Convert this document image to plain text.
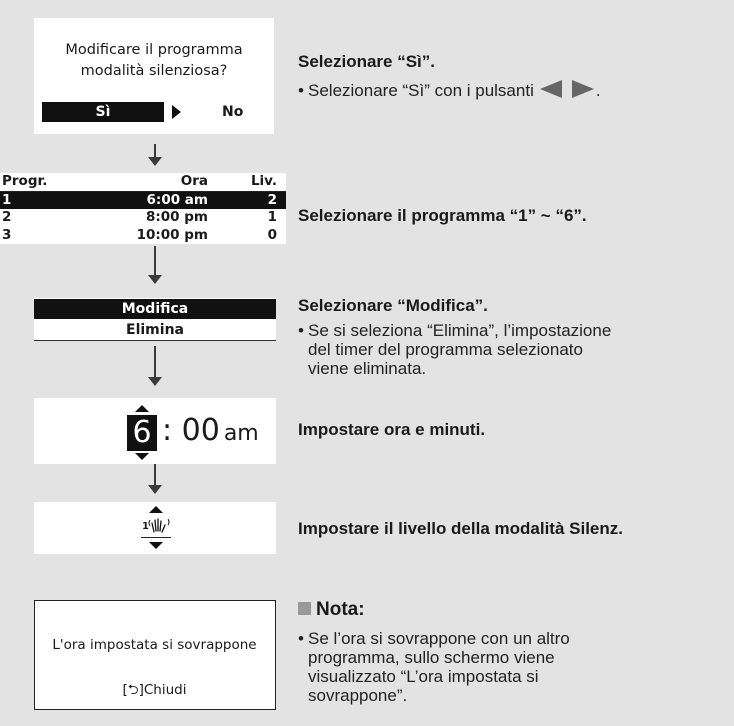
Modificare il programma
modalità silenziosa?
Sì	No
Progr.	Ora	Liv.
1	6:00 am	2
2	8:00 pm	1
3	10:00 pm	0
Modifica
Elimina
6 : 00 am
1
L'ora impostata si sovrappone
[⮌]Chiudi
Selezionare “Sì”.
• Selezionare “Sì” con i pulsanti	.
Selezionare il programma “1” ~ “6”.
Selezionare “Modifica”.
• Se si seleziona “Elimina”, l’impostazione
del timer del programma selezionato
viene eliminata.
Impostare ora e minuti.
Impostare il livello della modalità Silenz.
Nota:
• Se l’ora si sovrappone con un altro
programma, sullo schermo viene
visualizzato “L’ora impostata si
sovrappone”.
